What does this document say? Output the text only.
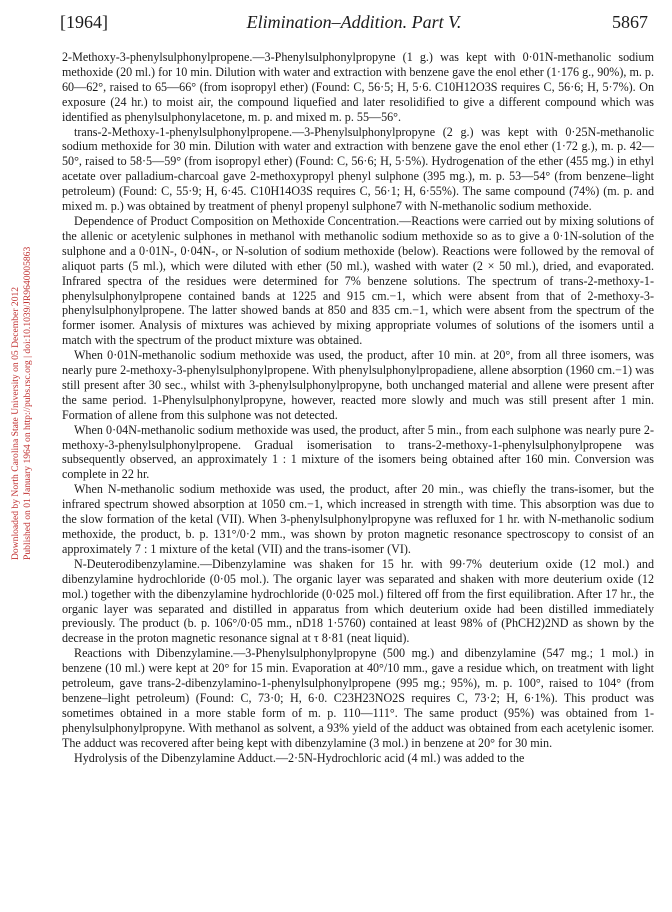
[1964]	Elimination–Addition. Part V.	5867
Downloaded by North Carolina State University on 05 December 2012 Published on 01 January 1964 on http://pubs.rsc.org | doi:10.1039/JR9640005863

2-Methoxy-3-phenylsulphonylpropene.—3-Phenylsulphonylpropyne (1 g.) was kept with 0·01N-methanolic sodium methoxide (20 ml.) for 10 min. Dilution with water and extraction with benzene gave the enol ether (1·176 g., 90%), m. p. 60—62°, raised to 65—66° (from isopropyl ether) (Found: C, 56·5; H, 5·6. C10H12O3S requires C, 56·6; H, 5·7%). On exposure (24 hr.) to moist air, the compound liquefied and later resolidified to give a different compound which was identified as phenylsulphonylacetone, m. p. and mixed m. p. 55—56°.

trans-2-Methoxy-1-phenylsulphonylpropene.—3-Phenylsulphonylpropyne (2 g.) was kept with 0·25N-methanolic sodium methoxide for 30 min. Dilution with water and extraction with benzene gave the enol ether (1·72 g.), m. p. 42—50°, raised to 58·5—59° (from isopropyl ether) (Found: C, 56·6; H, 5·5%). Hydrogenation of the ether (455 mg.) in ethyl acetate over palladium-charcoal gave 2-methoxypropyl phenyl sulphone (395 mg.), m. p. 53—54° (from benzene–light petroleum) (Found: C, 55·9; H, 6·45. C10H14O3S requires C, 56·1; H, 6·55%). The same compound (74%) (m. p. and mixed m. p.) was obtained by treatment of phenyl propenyl sulphone7 with N-methanolic sodium methoxide.

Dependence of Product Composition on Methoxide Concentration.—Reactions were carried out by mixing solutions of the allenic or acetylenic sulphones in methanol with methanolic sodium methoxide so as to give a 0·1N-solution of the sulphone and a 0·01N-, 0·04N-, or N-solution of sodium methoxide (below). Reactions were followed by the removal of aliquot parts (5 ml.), which were diluted with ether (50 ml.), washed with water (2 × 50 ml.), dried, and evaporated. Infrared spectra of the residues were determined for 7% benzene solutions. The spectrum of trans-2-methoxy-1-phenylsulphonylpropene contained bands at 1225 and 915 cm.−1, which were absent from that of 2-methoxy-3-phenylsulphonylpropene. The latter showed bands at 850 and 835 cm.−1, which were absent from the spectrum of the former isomer. Analysis of mixtures was achieved by mixing appropriate volumes of solutions of the isomers until a match with the spectrum of the product mixture was obtained.

When 0·01N-methanolic sodium methoxide was used, the product, after 10 min. at 20°, from all three isomers, was nearly pure 2-methoxy-3-phenylsulphonylpropene. With phenylsulphonylpropadiene, allene absorption (1960 cm.−1) was still present after 30 sec., whilst with 3-phenylsulphonylpropyne, both unchanged material and allene were present after the same period. 1-Phenylsulphonylpropyne, however, reacted more slowly and much was still present after 1 min. Formation of allene from this sulphone was not detected.

When 0·04N-methanolic sodium methoxide was used, the product, after 5 min., from each sulphone was nearly pure 2-methoxy-3-phenylsulphonylpropene. Gradual isomerisation to trans-2-methoxy-1-phenylsulphonylpropene was subsequently observed, an approximately 1 : 1 mixture of the isomers being obtained after 160 min. Conversion was complete in 22 hr.

When N-methanolic sodium methoxide was used, the product, after 20 min., was chiefly the trans-isomer, but the infrared spectrum showed absorption at 1050 cm.−1, which increased in strength with time. This absorption was due to the slow formation of the ketal (VII). When 3-phenylsulphonylpropyne was refluxed for 1 hr. with N-methanolic sodium methoxide, the product, b. p. 131°/0·2 mm., was shown by proton magnetic resonance spectroscopy to consist of an approximately 7 : 1 mixture of the ketal (VII) and the trans-isomer (VI).

N-Deuterodibenzylamine.—Dibenzylamine was shaken for 15 hr. with 99·7% deuterium oxide (12 mol.) and dibenzylamine hydrochloride (0·05 mol.). The organic layer was separated and shaken with more deuterium oxide (12 mol.) together with the dibenzylamine hydrochloride (0·025 mol.) filtered off from the first equilibration. After 17 hr., the organic layer was separated and distilled in apparatus from which deuterium oxide had been distilled immediately previously. The product (b. p. 106°/0·05 mm., nD18 1·5760) contained at least 98% of (PhCH2)2ND as shown by the decrease in the proton magnetic resonance signal at τ 8·81 (neat liquid).

Reactions with Dibenzylamine.—3-Phenylsulphonylpropyne (500 mg.) and dibenzylamine (547 mg.; 1 mol.) in benzene (10 ml.) were kept at 20° for 15 min. Evaporation at 40°/10 mm., gave a residue which, on treatment with light petroleum, gave trans-2-dibenzylamino-1-phenylsulphonylpropene (995 mg.; 95%), m. p. 100°, raised to 104° (from benzene–light petroleum) (Found: C, 73·0; H, 6·0. C23H23NO2S requires C, 73·2; H, 6·1%). This product was sometimes obtained in a more stable form of m. p. 110—111°. The same product (95%) was obtained from 1-phenylsulphonylpropyne. With methanol as solvent, a 93% yield of the adduct was obtained from each acetylenic isomer. The adduct was recovered after being kept with dibenzylamine (3 mol.) in benzene at 20° for 30 min.

Hydrolysis of the Dibenzylamine Adduct.—2·5N-Hydrochloric acid (4 ml.) was added to the
